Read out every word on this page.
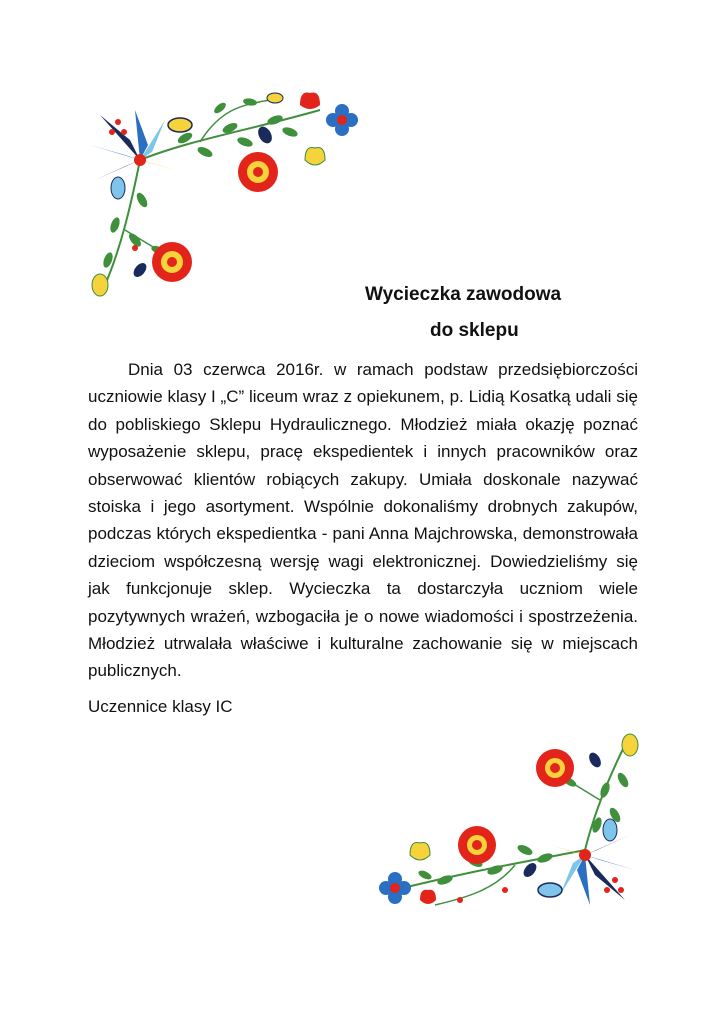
Wycieczka zawodowa
do sklepu

Dnia 03 czerwca 2016r. w ramach podstaw przedsiębiorczości uczniowie klasy I „C” liceum wraz z opiekunem, p. Lidią Kosatką udali się do pobliskiego Sklepu Hydraulicznego. Młodzież miała okazję poznać wyposażenie sklepu, pracę ekspedientek i innych pracowników oraz obserwować klientów robiących zakupy. Umiała doskonale nazywać stoiska i jego asortyment. Wspólnie dokonaliśmy drobnych zakupów, podczas których ekspedientka - pani Anna Majchrowska, demonstrowała dzieciom współczesną wersję wagi elektronicznej. Dowiedzieliśmy się jak funkcjonuje sklep. Wycieczka ta dostarczyła uczniom wiele pozytywnych wrażeń, wzbogaciła je o nowe wiadomości i spostrzeżenia. Młodzież utrwalała właściwe i kulturalne zachowanie się w miejscach publicznych.

Uczennice klasy IC
